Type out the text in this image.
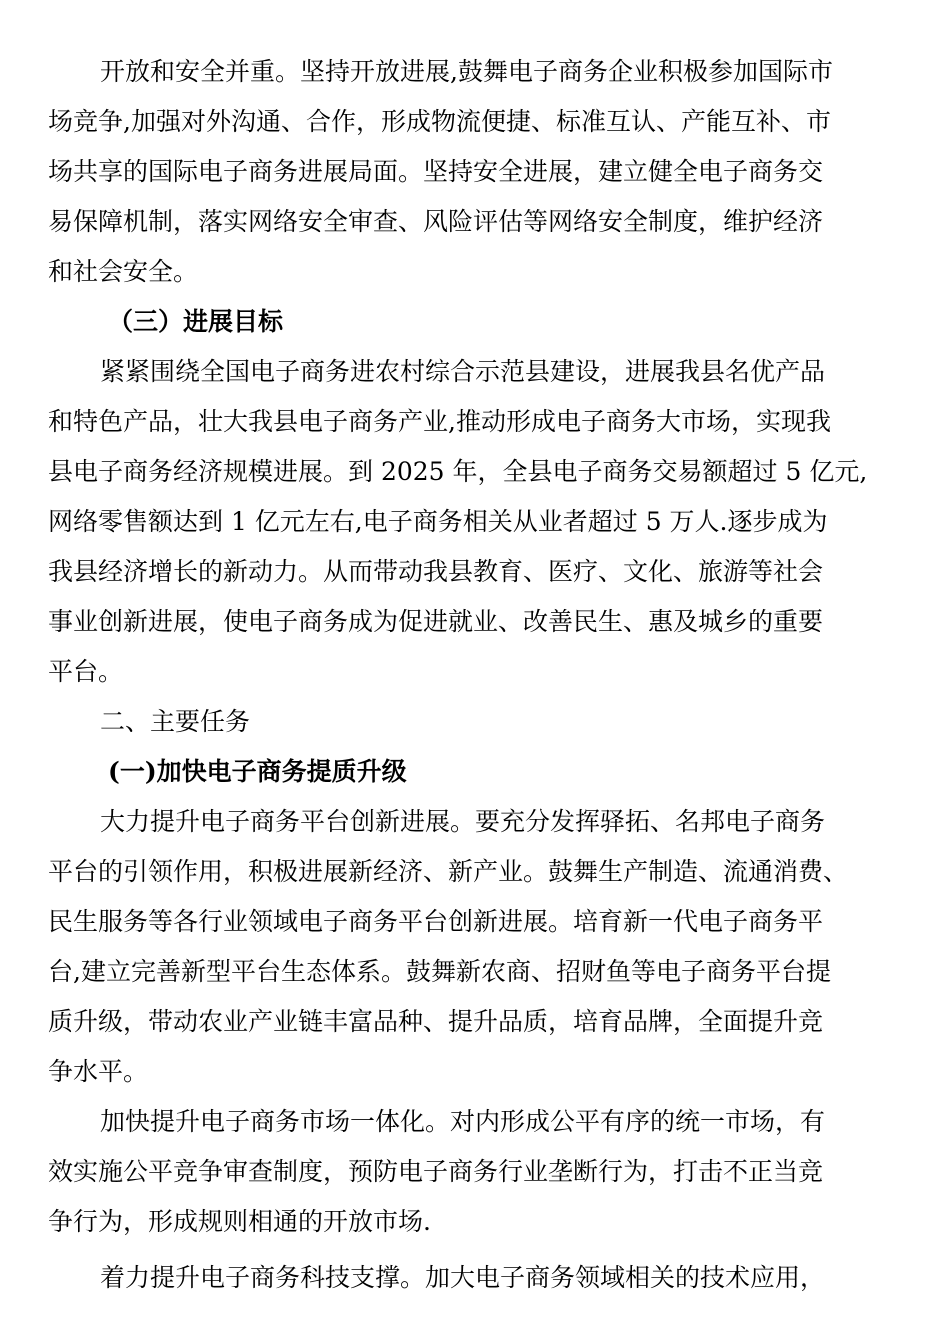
开放和安全并重。坚持开放进展,鼓舞电子商务企业积极参加国际市
场竞争,加强对外沟通、合作，形成物流便捷、标准互认、产能互补、市
场共享的国际电子商务进展局面。坚持安全进展，建立健全电子商务交
易保障机制，落实网络安全审查、风险评估等网络安全制度，维护经济
和社会安全。
（三）进展目标
紧紧围绕全国电子商务进农村综合示范县建设，进展我县名优产品
和特色产品，壮大我县电子商务产业,推动形成电子商务大市场，实现我
县电子商务经济规模进展。到 2025 年，全县电子商务交易额超过 5 亿元,
网络零售额达到 1 亿元左右,电子商务相关从业者超过 5 万人.逐步成为
我县经济增长的新动力。从而带动我县教育、医疗、文化、旅游等社会
事业创新进展，使电子商务成为促进就业、改善民生、惠及城乡的重要
平台。
二、主要任务
(一)加快电子商务提质升级
大力提升电子商务平台创新进展。要充分发挥驿拓、名邦电子商务
平台的引领作用，积极进展新经济、新产业。鼓舞生产制造、流通消费、
民生服务等各行业领域电子商务平台创新进展。培育新一代电子商务平
台,建立完善新型平台生态体系。鼓舞新农商、招财鱼等电子商务平台提
质升级，带动农业产业链丰富品种、提升品质，培育品牌，全面提升竞
争水平。
加快提升电子商务市场一体化。对内形成公平有序的统一市场，有
效实施公平竞争审查制度，预防电子商务行业垄断行为，打击不正当竞
争行为，形成规则相通的开放市场.
着力提升电子商务科技支撑。加大电子商务领域相关的技术应用，
